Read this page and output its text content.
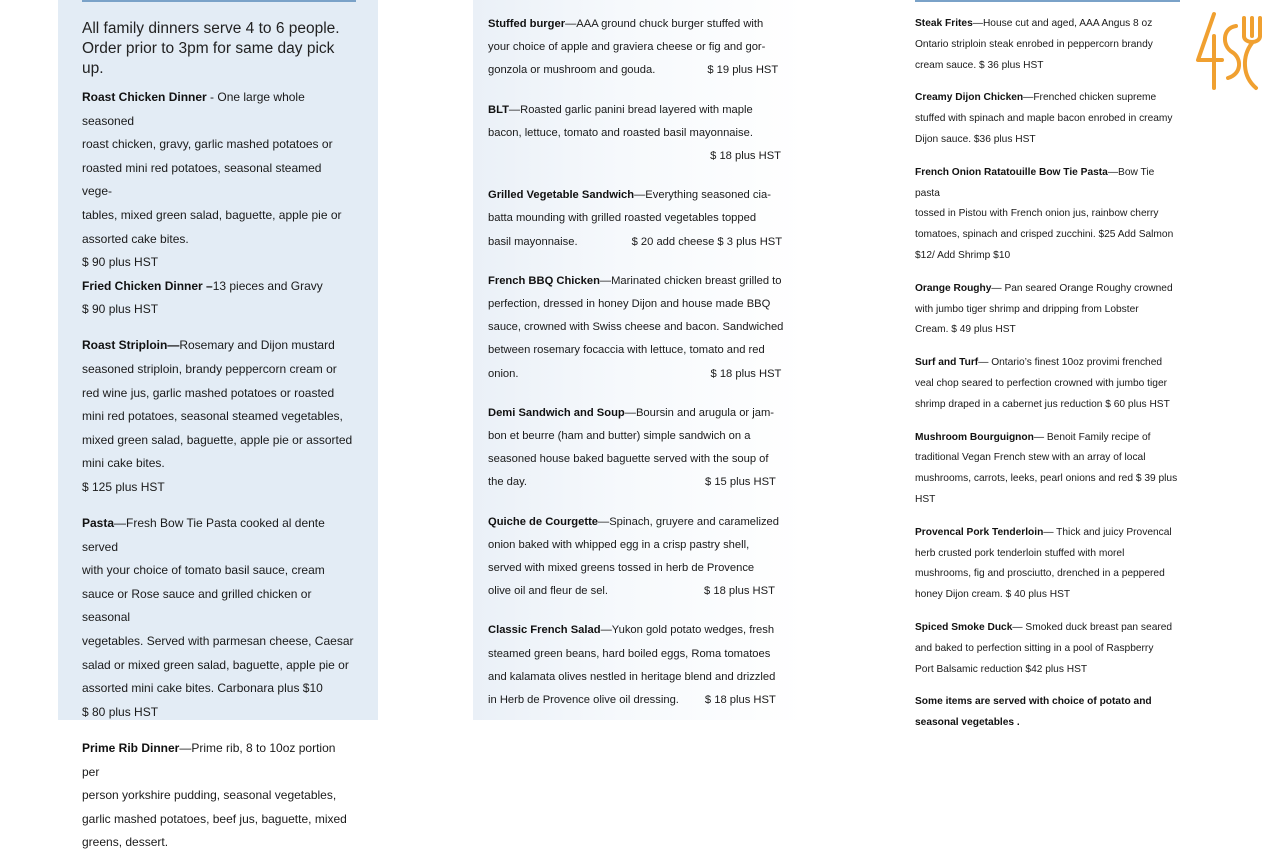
All family dinners serve 4 to 6 people.

Order prior to 3pm for same day pick up.

Roast Chicken Dinner - One large whole seasoned
roast chicken, gravy, garlic mashed potatoes or
roasted mini red potatoes, seasonal steamed vege-
tables, mixed green salad, baguette, apple pie or
assorted cake bites.
$ 90 plus HST
Fried Chicken Dinner –13 pieces and Gravy
$ 90 plus HST
Roast Striploin—Rosemary and Dijon mustard
seasoned striploin, brandy peppercorn cream or
red wine jus, garlic mashed potatoes or roasted
mini red potatoes, seasonal steamed vegetables,
mixed green salad, baguette, apple pie or assorted
mini cake bites.
$ 125 plus HST
Pasta—Fresh Bow Tie Pasta cooked al dente served
with your choice of tomato basil sauce, cream
sauce or Rose sauce and grilled chicken or seasonal
vegetables. Served with parmesan cheese, Caesar
salad or mixed green salad, baguette, apple pie or
assorted mini cake bites. Carbonara plus $10
$ 80 plus HST
Prime Rib Dinner—Prime rib, 8 to 10oz portion per
person yorkshire pudding, seasonal vegetables,
garlic mashed potatoes, beef jus, baguette, mixed
greens, dessert.
Stuffed burger—AAA ground chuck burger stuffed with
your choice of apple and graviera cheese or fig and gor-
gonzola or mushroom and gouda.	$ 19 plus HST
BLT—Roasted garlic panini bread layered with maple
bacon, lettuce, tomato and roasted basil mayonnaise.

$ 18 plus HST
Grilled Vegetable Sandwich—Everything seasoned cia-
batta mounding with grilled roasted vegetables topped
basil mayonnaise.	$ 20 add cheese $ 3 plus HST
French BBQ Chicken—Marinated chicken breast grilled to
perfection, dressed in honey Dijon and house made BBQ
sauce, crowned with Swiss cheese and bacon. Sandwiched
between rosemary focaccia with lettuce, tomato and red
onion.	$ 18 plus HST
Demi Sandwich and Soup—Boursin and arugula or jam-
bon et beurre (ham and butter) simple sandwich on a
seasoned house baked baguette served with the soup of
the day.	$ 15 plus HST
Quiche de Courgette—Spinach, gruyere and caramelized
onion baked with whipped egg in a crisp pastry shell,
served with mixed greens tossed in herb de Provence
olive oil and fleur de sel.	$ 18 plus HST
Classic French Salad—Yukon gold potato wedges, fresh
steamed green beans, hard boiled eggs, Roma tomatoes
and kalamata olives nestled in heritage blend and drizzled
in Herb de Provence olive oil dressing. $ 18 plus HST
Steak Frites—House cut and aged, AAA Angus 8 oz
Ontario striploin steak enrobed in peppercorn brandy
cream sauce. $ 36 plus HST
Creamy Dijon Chicken—Frenched chicken supreme
stuffed with spinach and maple bacon enrobed in creamy
Dijon sauce. $36 plus HST
French Onion Ratatouille Bow Tie Pasta—Bow Tie pasta
tossed in Pistou with French onion jus, rainbow cherry
tomatoes, spinach and crisped zucchini. $25 Add Salmon
$12/ Add Shrimp $10
Orange Roughy— Pan seared Orange Roughy crowned
with jumbo tiger shrimp and dripping from Lobster
Cream. $ 49 plus HST
Surf and Turf— Ontario’s finest 10oz provimi frenched
veal chop seared to perfection crowned with jumbo tiger
shrimp draped in a cabernet jus reduction $ 60 plus HST
Mushroom Bourguignon— Benoit Family recipe of
traditional Vegan French stew with an array of local
mushrooms, carrots, leeks, pearl onions and red $ 39 plus
HST
Provencal Pork Tenderloin— Thick and juicy Provencal
herb crusted pork tenderloin stuffed with morel
mushrooms, fig and prosciutto, drenched in a peppered
honey Dijon cream. $ 40 plus HST
Spiced Smoke Duck— Smoked duck breast pan seared
and baked to perfection sitting in a pool of Raspberry
Port Balsamic reduction $42 plus HST
Some items are served with choice of potato and
seasonal vegetables .
